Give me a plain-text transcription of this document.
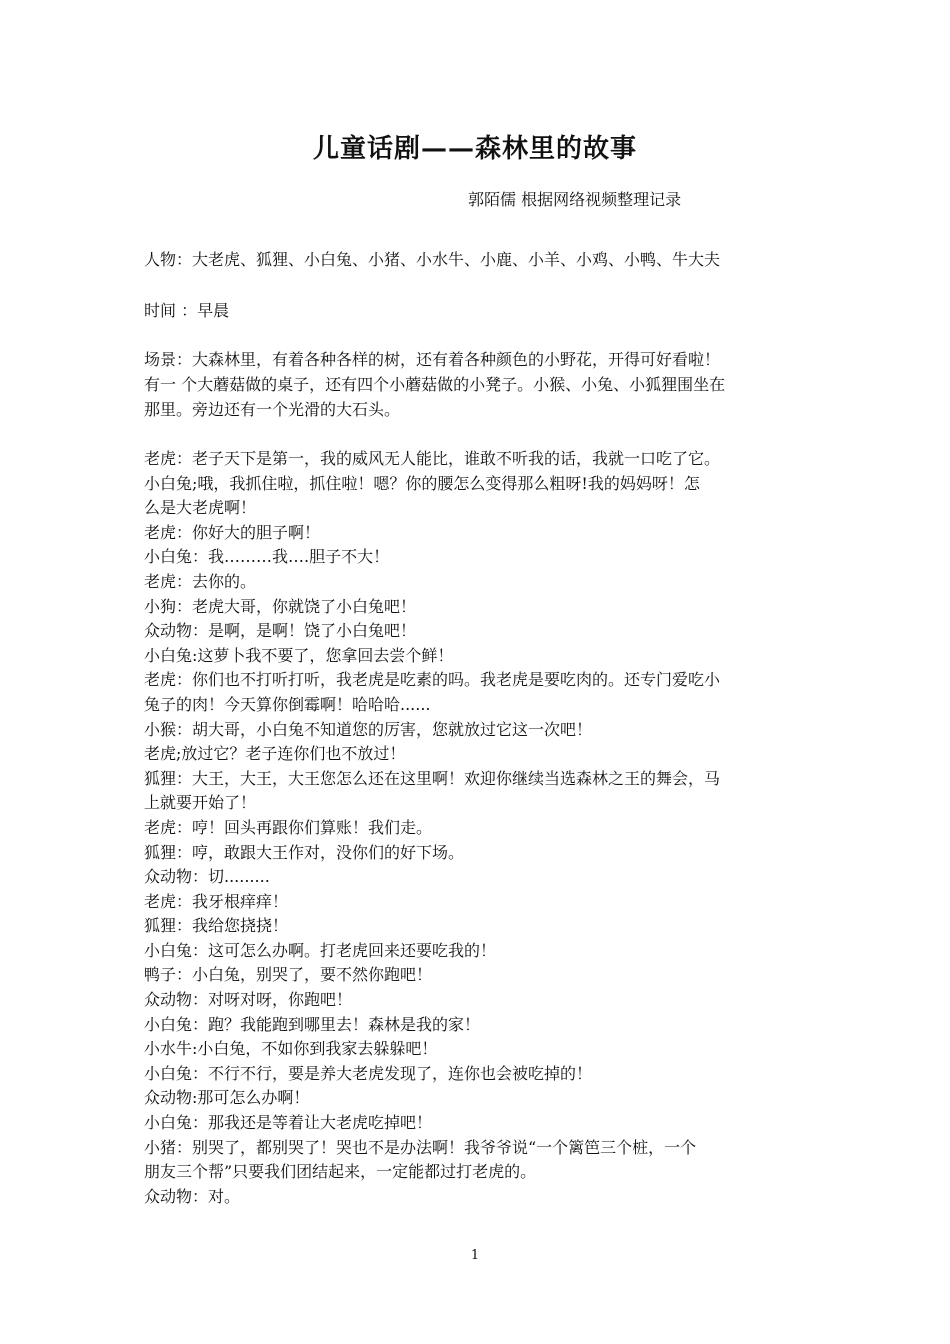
儿童话剧——森林里的故事
郭陌儒 根据网络视频整理记录

人物：大老虎、狐狸、小白兔、小猪、小水牛、小鹿、小羊、小鸡、小鸭、牛大夫

时间 ：早晨

场景：大森林里，有着各种各样的树，还有着各种颜色的小野花，开得可好看啦！
有一 个大蘑菇做的桌子，还有四个小蘑菇做的小凳子。小猴、小兔、小狐狸围坐在
那里。旁边还有一个光滑的大石头。
老虎：老子天下是第一，我的威风无人能比，谁敢不听我的话，我就一口吃了它。
小白兔;哦，我抓住啦，抓住啦！嗯？你的腰怎么变得那么粗呀!我的妈妈呀！怎
么是大老虎啊！
老虎：你好大的胆子啊！
小白兔：我………我….胆子不大！
老虎：去你的。
小狗：老虎大哥，你就饶了小白兔吧！
众动物：是啊，是啊！饶了小白兔吧！
小白兔:这萝卜我不要了，您拿回去尝个鲜！
老虎：你们也不打听打听，我老虎是吃素的吗。我老虎是要吃肉的。还专门爱吃小
兔子的肉！今天算你倒霉啊！哈哈哈......
小猴：胡大哥，小白兔不知道您的厉害，您就放过它这一次吧！
老虎;放过它？老子连你们也不放过！
狐狸：大王，大王，大王您怎么还在这里啊！欢迎你继续当选森林之王的舞会，马
上就要开始了！
老虎：哼！回头再跟你们算账！我们走。
狐狸：哼，敢跟大王作对，没你们的好下场。
众动物：切.........
老虎：我牙根痒痒！
狐狸：我给您挠挠！
小白兔：这可怎么办啊。打老虎回来还要吃我的！
鸭子：小白兔，别哭了，要不然你跑吧！
众动物：对呀对呀，你跑吧！
小白兔：跑？我能跑到哪里去！森林是我的家！
小水牛:小白兔，不如你到我家去躲躲吧！
小白兔：不行不行，要是养大老虎发现了，连你也会被吃掉的！
众动物:那可怎么办啊！
小白兔：那我还是等着让大老虎吃掉吧！
小猪：别哭了，都别哭了！哭也不是办法啊！我爷爷说“一个篱笆三个桩，一个
朋友三个帮”只要我们团结起来，一定能都过打老虎的。
众动物：对。
1
